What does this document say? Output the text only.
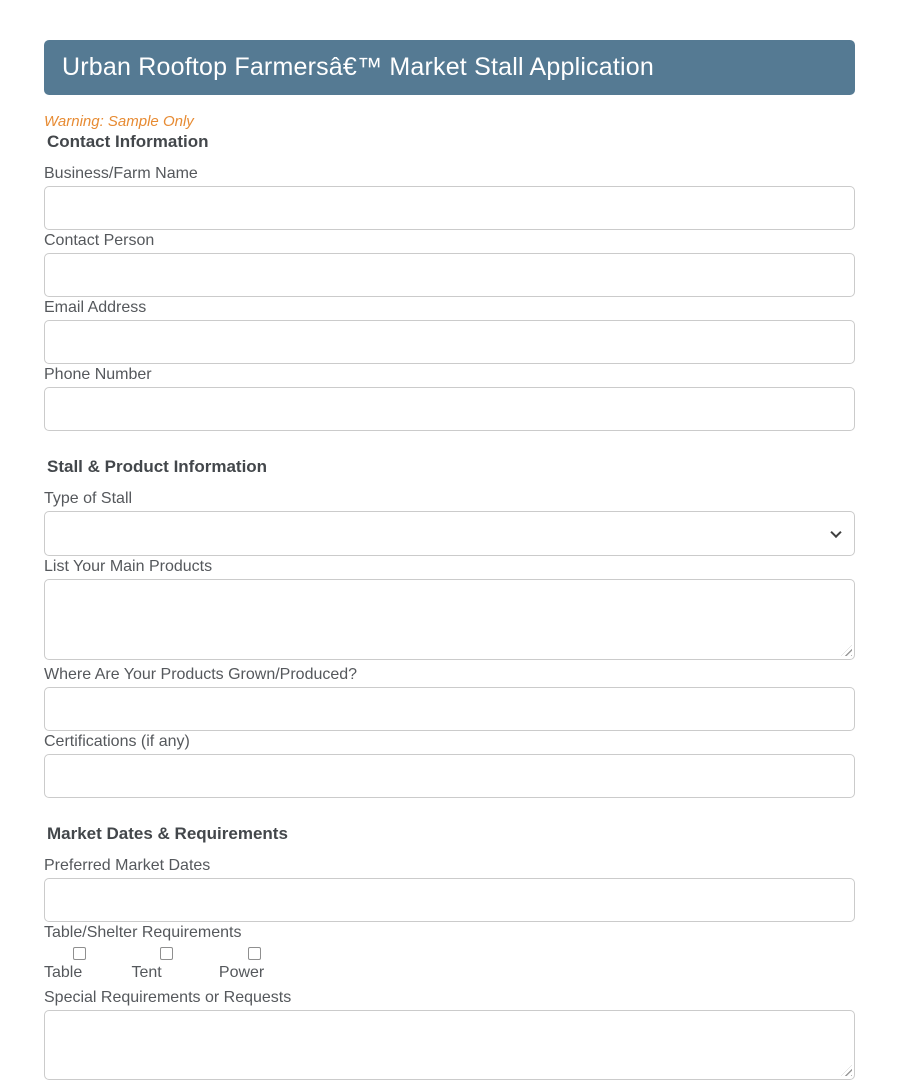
Urban Rooftop Farmersâ€™ Market Stall Application

Warning: Sample Only

Contact Information
Business/Farm Name
Contact Person
Email Address
Phone Number
Stall & Product Information
Type of Stall
List Your Main Products
Where Are Your Products Grown/Produced?
Certifications (if any)
Market Dates & Requirements
Preferred Market Dates
Table/Shelter Requirements
Table
	Tent
	Power
Special Requirements or Requests
